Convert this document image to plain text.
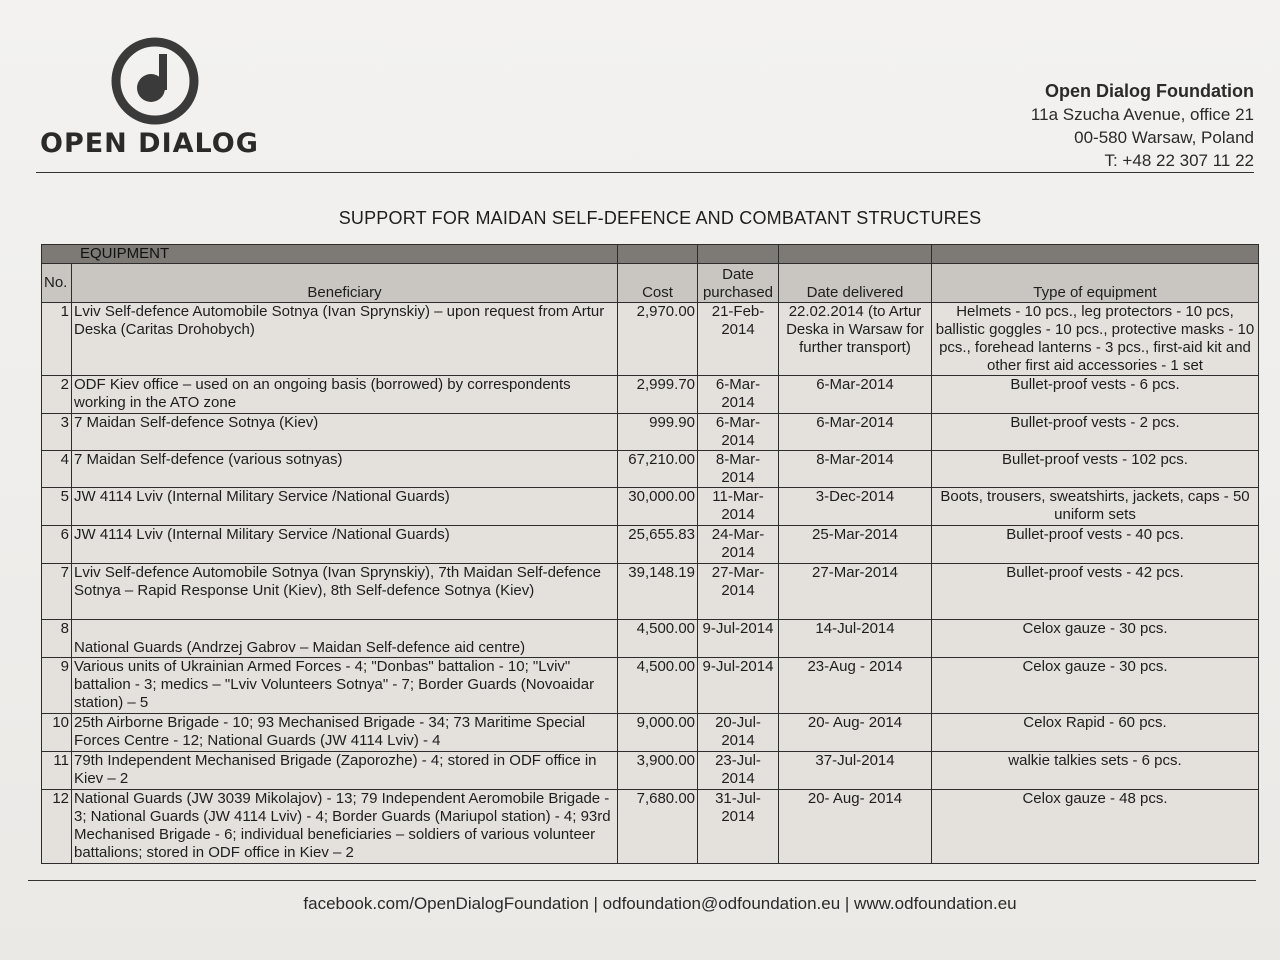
OPEN DIALOG
Open Dialog Foundation
11a Szucha Avenue, office 21
00-580 Warsaw, Poland
T: +48 22 307 11 22
SUPPORT FOR MAIDAN SELF-DEFENCE AND COMBATANT STRUCTURES
EQUIPMENT					
No.	Beneficiary	Cost	Date purchased	Date delivered	Type of equipment
1	Lviv Self-defence Automobile Sotnya (Ivan Sprynskiy) – upon request from Artur Deska (Caritas Drohobych)	2,970.00	21-Feb-2014	22.02.2014 (to Artur Deska in Warsaw for further transport)	Helmets - 10 pcs., leg protectors - 10 pcs, ballistic goggles - 10 pcs., protective masks - 10 pcs., forehead lanterns - 3 pcs., first-aid kit and other first aid accessories - 1 set
2	ODF Kiev office – used on an ongoing basis (borrowed) by correspondents working in the ATO zone	2,999.70	6-Mar-2014	6-Mar-2014	Bullet-proof vests - 6 pcs.
3	7 Maidan Self-defence Sotnya (Kiev)	999.90	6-Mar-2014	6-Mar-2014	Bullet-proof vests - 2 pcs.
4	7 Maidan Self-defence (various sotnyas)	67,210.00	8-Mar-2014	8-Mar-2014	Bullet-proof vests - 102 pcs.
5	JW 4114 Lviv (Internal Military Service /National Guards)	30,000.00	11-Mar-2014	3-Dec-2014	Boots, trousers, sweatshirts, jackets, caps - 50 uniform sets
6	JW 4114 Lviv (Internal Military Service /National Guards)	25,655.83	24-Mar-2014	25-Mar-2014	Bullet-proof vests - 40 pcs.
7	Lviv Self-defence Automobile Sotnya (Ivan Sprynskiy), 7th Maidan Self-defence Sotnya – Rapid Response Unit (Kiev), 8th Self-defence Sotnya (Kiev)	39,148.19	27-Mar-2014	27-Mar-2014	Bullet-proof vests - 42 pcs.
8	National Guards (Andrzej Gabrov – Maidan Self-defence aid centre)	4,500.00	9-Jul-2014	14-Jul-2014	Celox gauze - 30 pcs.
9	Various units of Ukrainian Armed Forces - 4; "Donbas" battalion - 10; "Lviv" battalion - 3; medics – "Lviv Volunteers Sotnya" - 7; Border Guards (Novoaidar station) – 5	4,500.00	9-Jul-2014	23-Aug - 2014	Celox gauze - 30 pcs.
10	25th Airborne Brigade - 10; 93 Mechanised Brigade - 34; 73 Maritime Special Forces Centre - 12; National Guards (JW 4114 Lviv) - 4	9,000.00	20-Jul-2014	20- Aug- 2014	Celox Rapid - 60 pcs.
11	79th Independent Mechanised Brigade (Zaporozhe) - 4; stored in ODF office in Kiev – 2	3,900.00	23-Jul-2014	37-Jul-2014	walkie talkies sets - 6 pcs.
12	National Guards (JW 3039 Mikolajov) - 13; 79 Independent Aeromobile Brigade - 3; National Guards (JW 4114 Lviv) - 4; Border Guards (Mariupol station) - 4; 93rd Mechanised Brigade - 6; individual beneficiaries – soldiers of various volunteer battalions; stored in ODF office in Kiev – 2	7,680.00	31-Jul-2014	20- Aug- 2014	Celox gauze - 48 pcs.
facebook.com/OpenDialogFoundation | odfoundation@odfoundation.eu | www.odfoundation.eu
